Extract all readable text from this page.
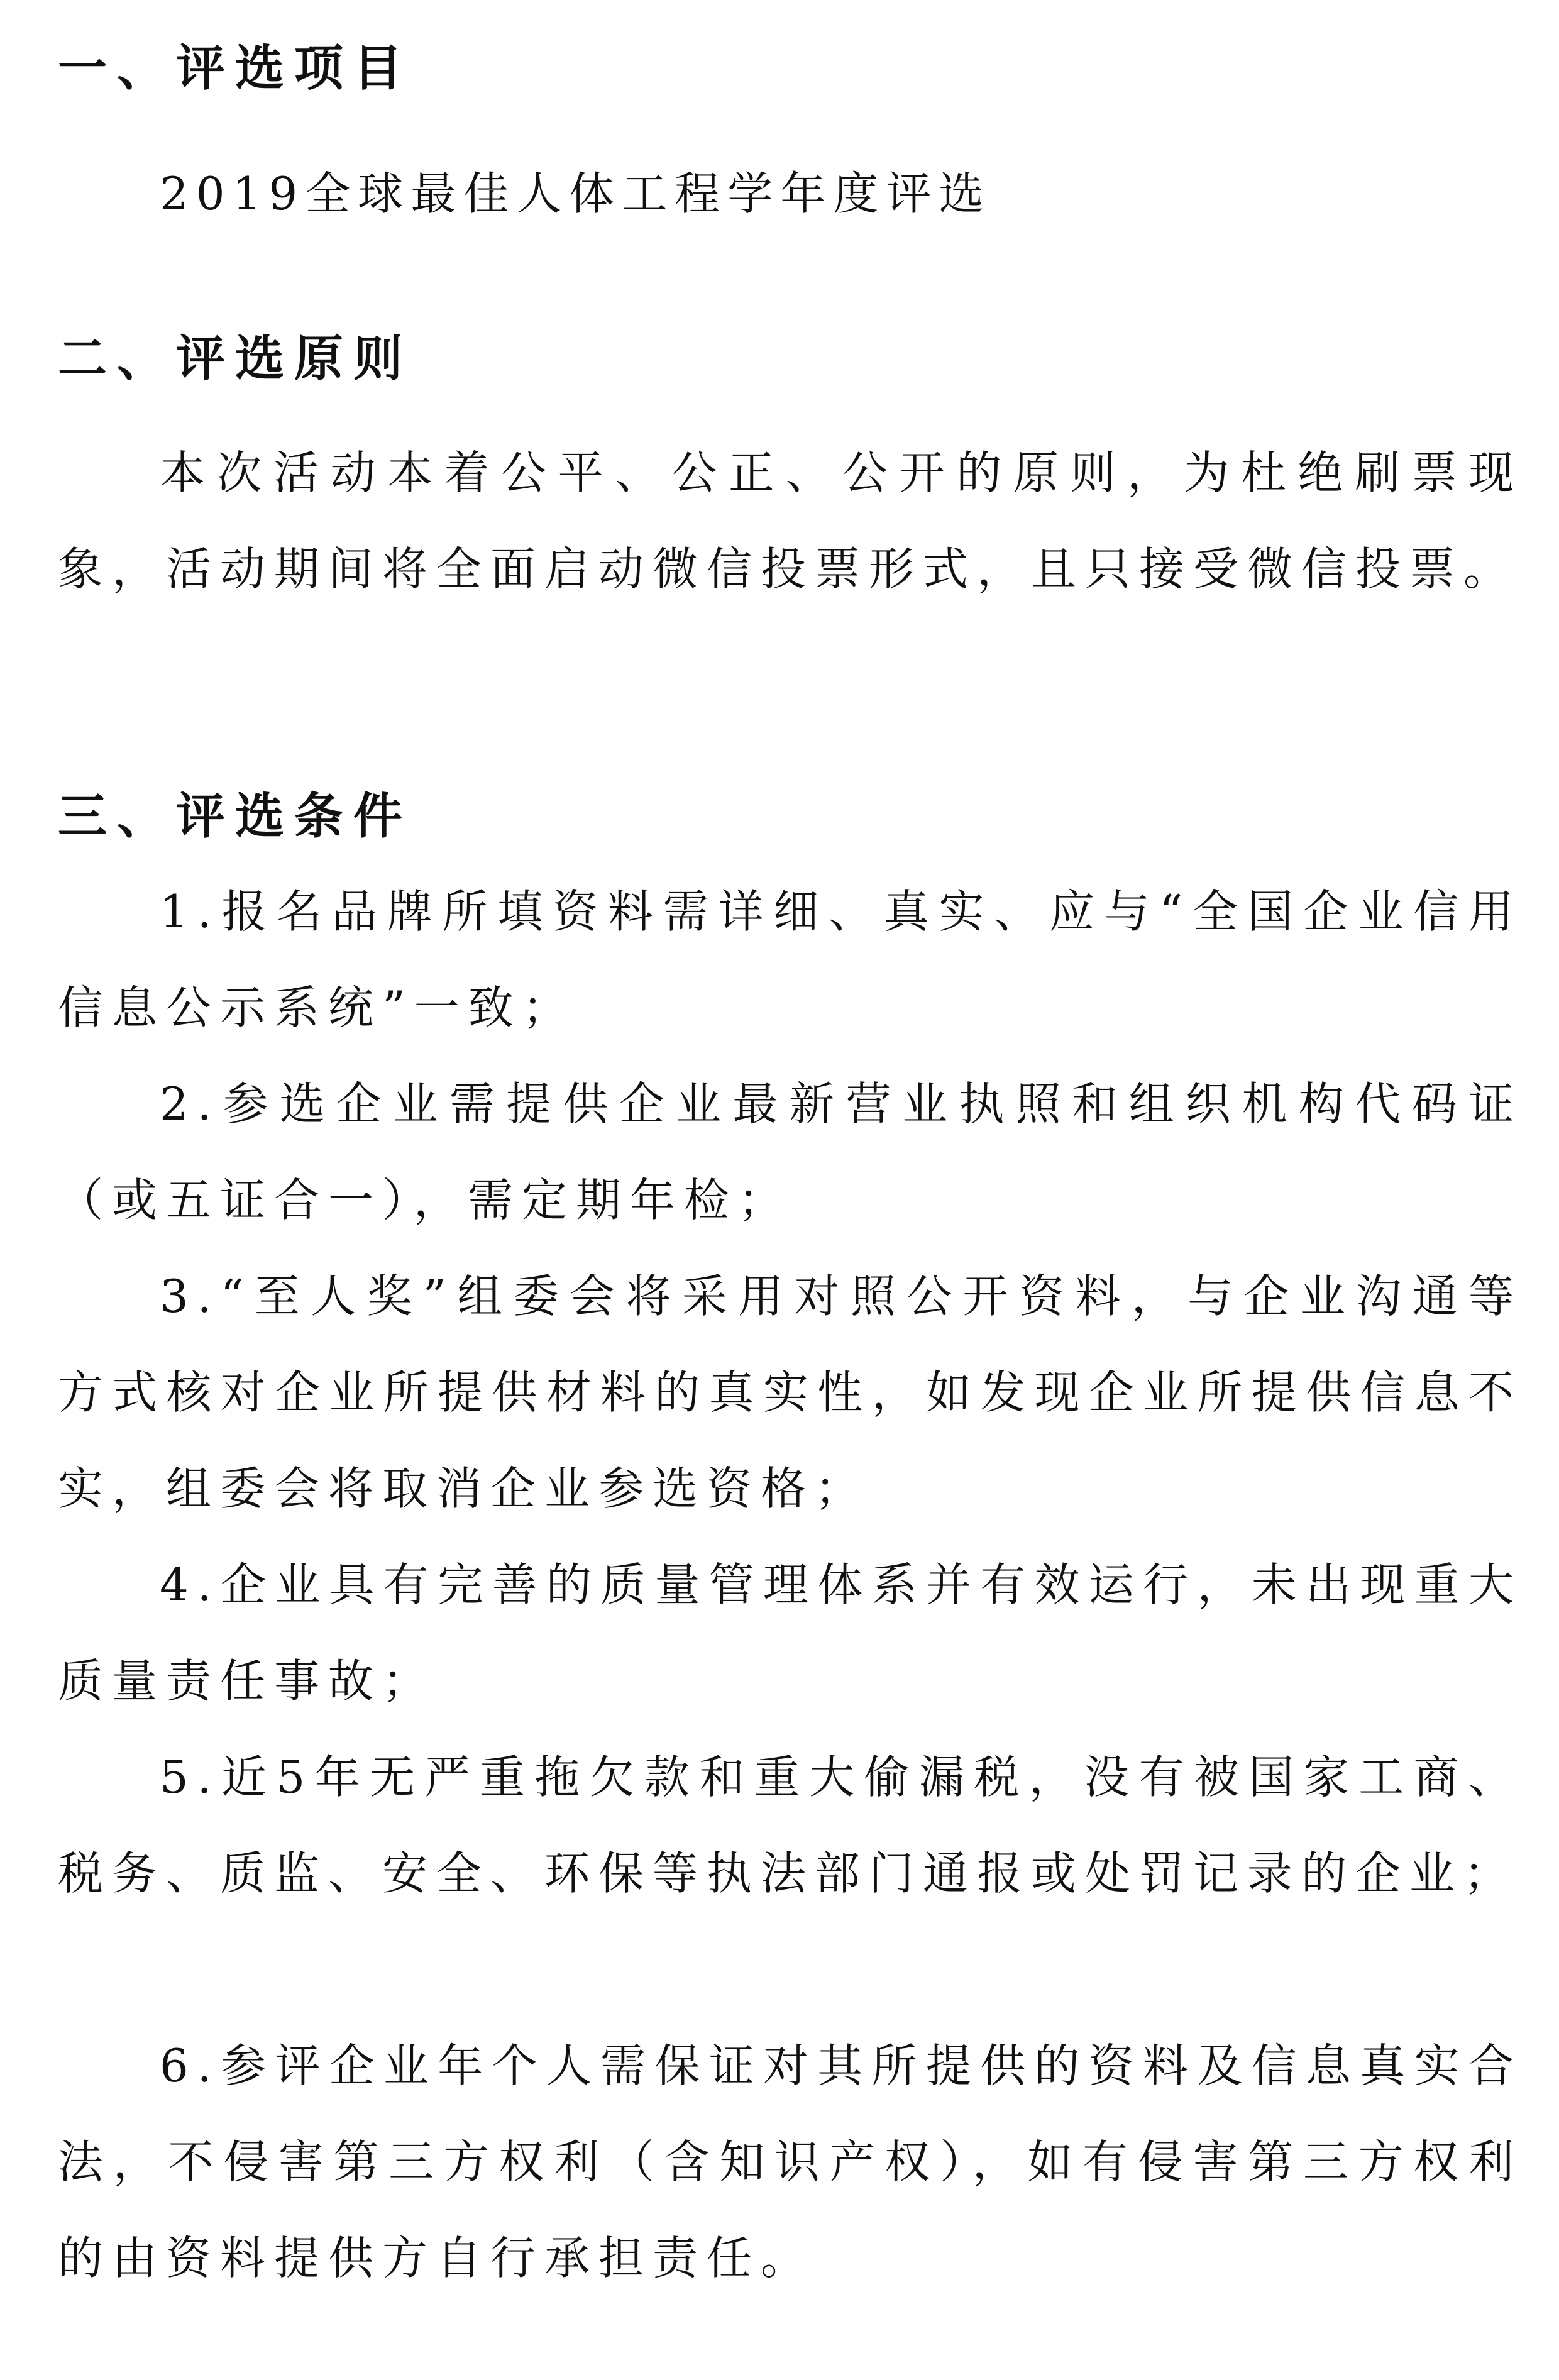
一、评选项目

2019全球最佳人体工程学年度评选

二、评选原则

本次活动本着公平、公正、公开的原则，为杜绝刷票现象，活动期间将全面启动微信投票形式，且只接受微信投票。

三、评选条件

1.报名品牌所填资料需详细、真实、应与“全国企业信用信息公示系统”一致；

2.参选企业需提供企业最新营业执照和组织机构代码证（或五证合一），需定期年检；

3.“至人奖”组委会将采用对照公开资料，与企业沟通等方式核对企业所提供材料的真实性，如发现企业所提供信息不实，组委会将取消企业参选资格；

4.企业具有完善的质量管理体系并有效运行，未出现重大质量责任事故；

5.近5年无严重拖欠款和重大偷漏税，没有被国家工商、税务、质监、安全、环保等执法部门通报或处罚记录的企业；

6.参评企业年个人需保证对其所提供的资料及信息真实合法，不侵害第三方权利（含知识产权），如有侵害第三方权利的由资料提供方自行承担责任。
